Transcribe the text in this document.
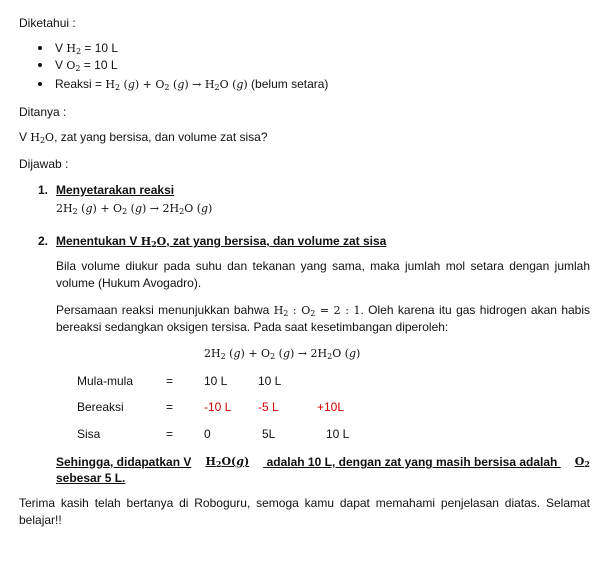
Diketahui :
V $H_2 = 10$ L
V $O_2 = 10$ L
Reaksi = $H_2$ $(g) + O_2$ $(g) \to H_2O$ (g) (belum setara)
Ditanya :
V $H_2O$, zat yang bersisa, dan volume zat sisa?
Dijawab :
1. Menyetarakan reaksi
$2H_2$ $(g) + O_2$ $(g) \to 2H_2O$ (g)
2. Menentukan V $H_2O$, zat yang bersisa, dan volume zat sisa
Bila volume diukur pada suhu dan tekanan yang sama, maka jumlah mol setara dengan jumlah volume (Hukum Avogadro).
Persamaan reaksi menunjukkan bahwa $H_2$ : $O_2 = 2$ : 1. Oleh karena itu gas hidrogen akan habis bereaksi sedangkan oksigen tersisa. Pada saat kesetimbangan diperoleh:
$2H_2$ $(g) + O_2$ $(g) \to 2H_2O$ (g)
Mula-mula	=	10 L	10 L
Bereaksi	=	-10 L -5 L	+10L
Sisa	=	0	5L	10 L
Sehingga, didapatkan V $H_2O(g)$ adalah 10 L, dengan zat yang masih bersisa adalah $O_2$
sebesar 5 L.
Terima kasih telah bertanya di Roboguru, semoga kamu dapat memahami penjelasan diatas. Selamat belajar!!
